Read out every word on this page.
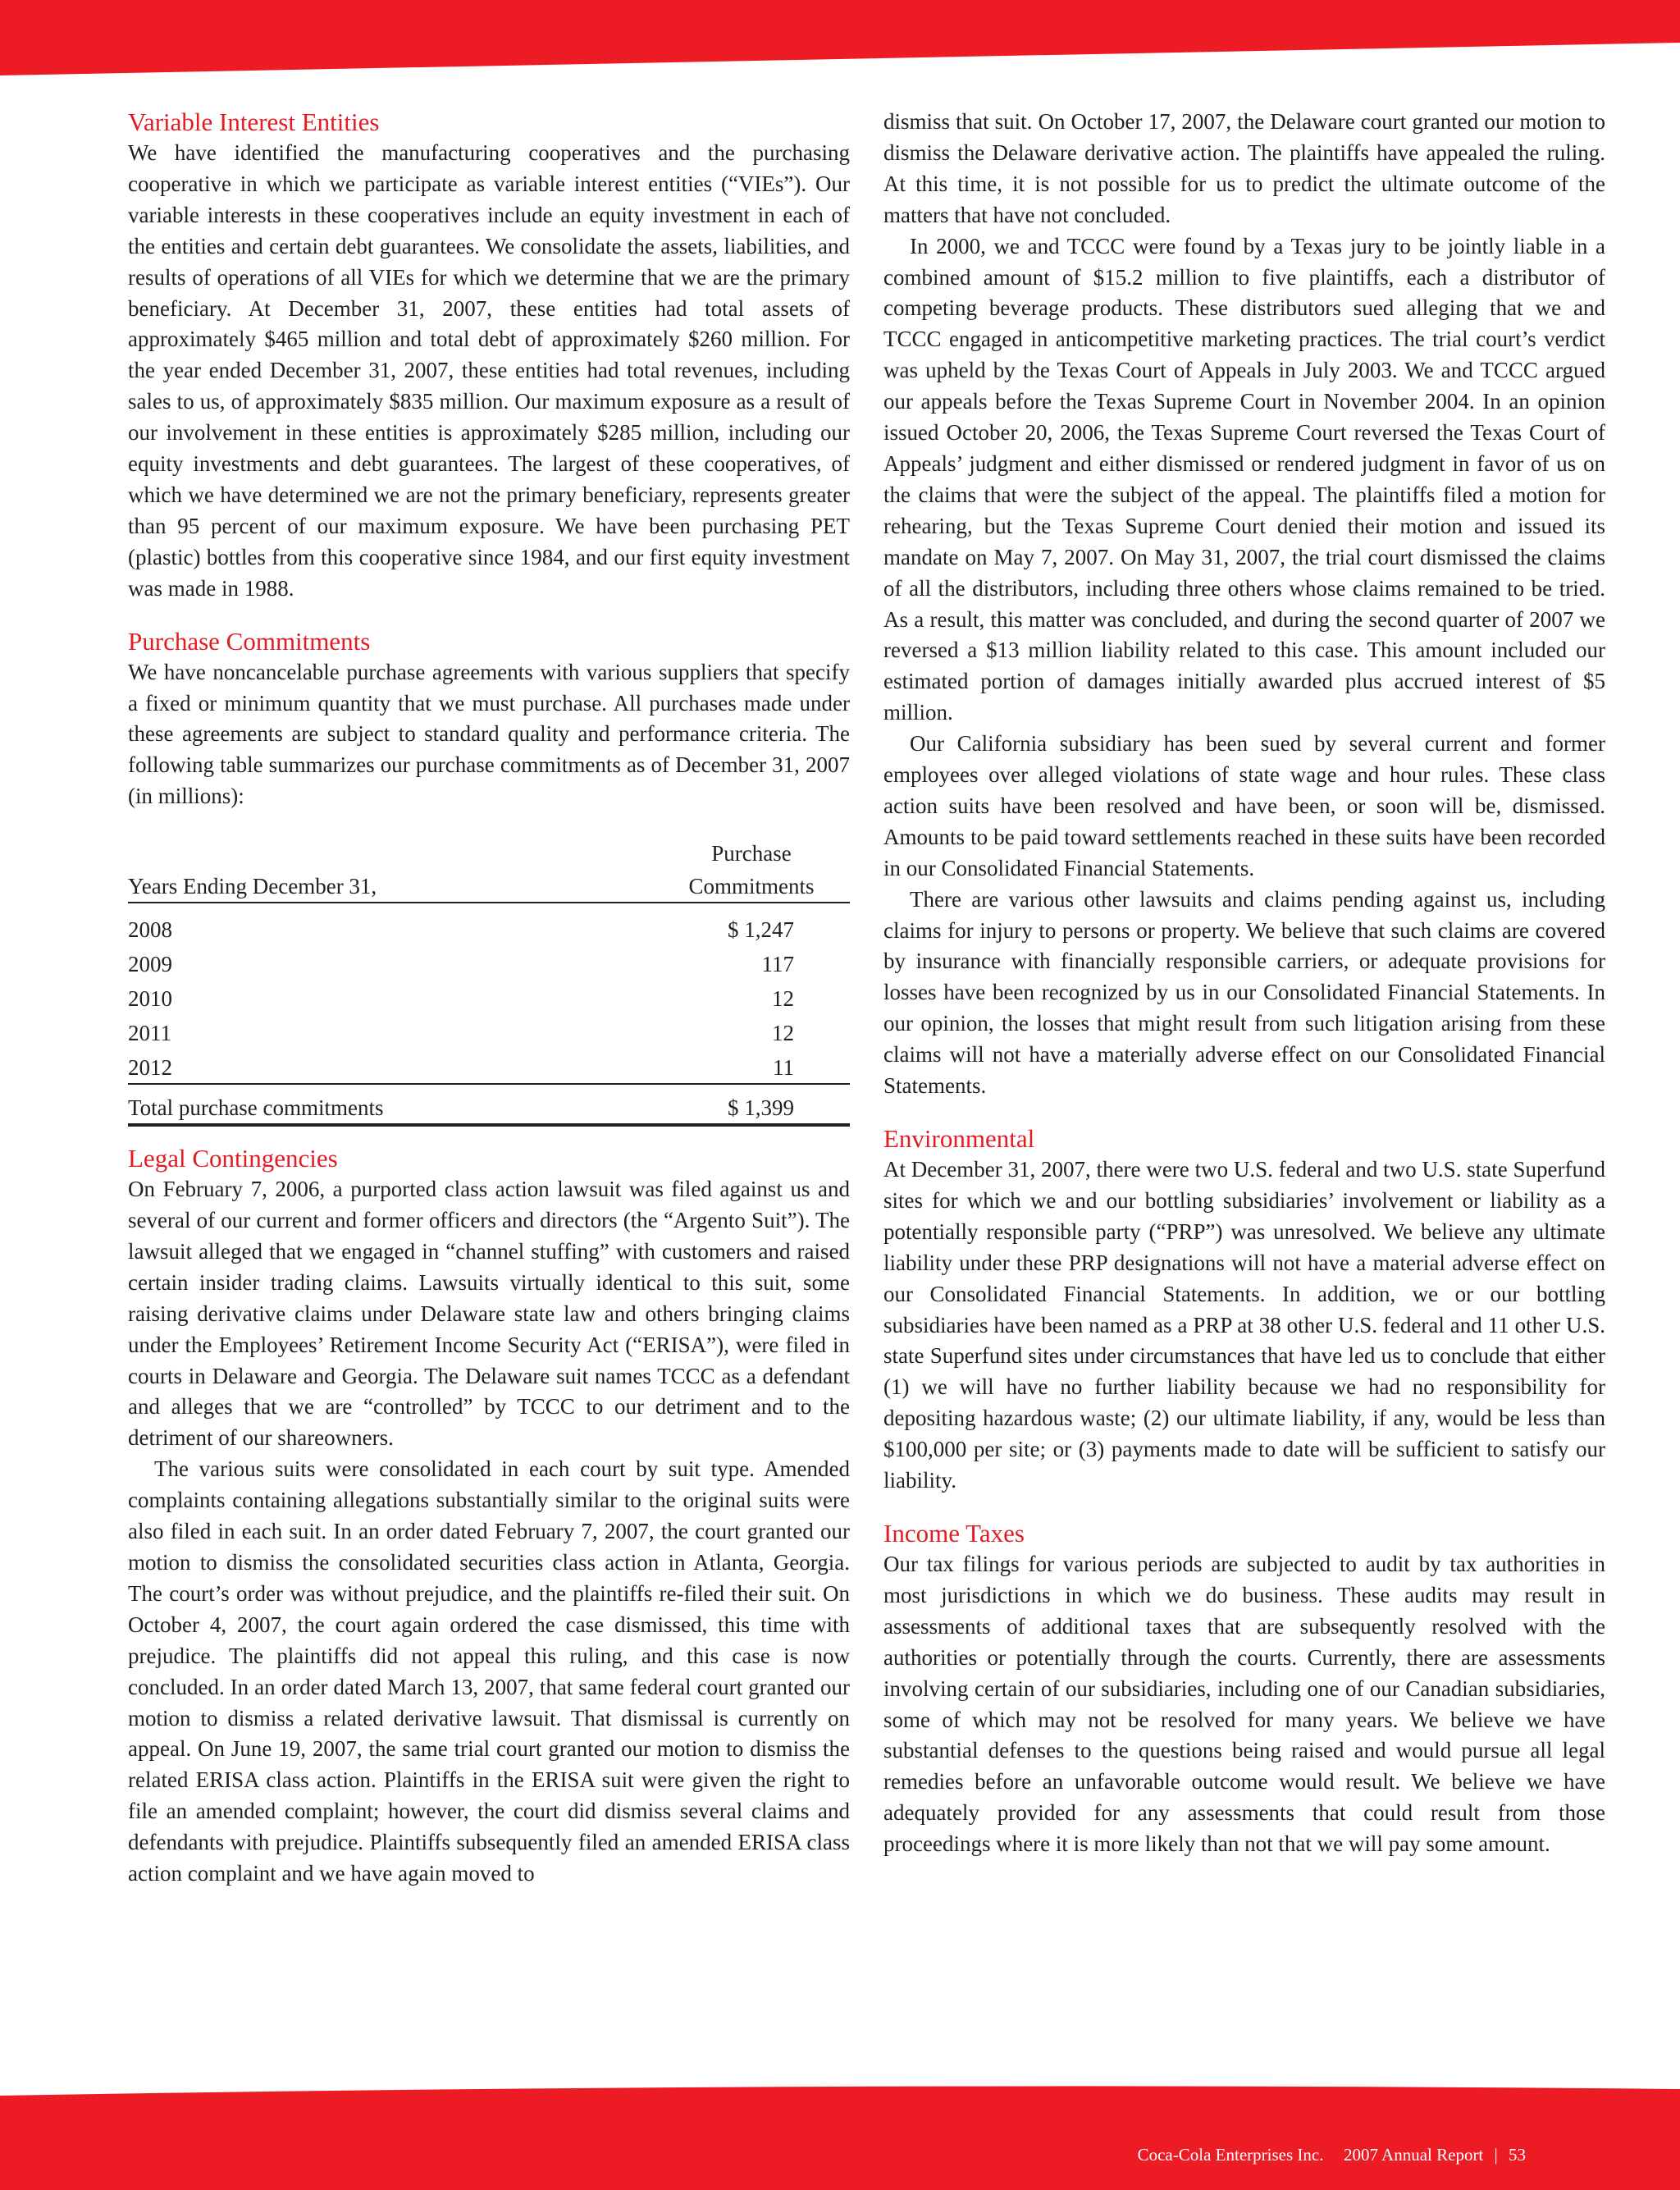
Variable Interest Entities

We have identified the manufacturing cooperatives and the purchasing cooperative in which we participate as variable interest entities (“VIEs”). Our variable interests in these cooperatives include an equity investment in each of the entities and certain debt guarantees. We consolidate the assets, liabilities, and results of operations of all VIEs for which we determine that we are the primary beneficiary. At December 31, 2007, these entities had total assets of approximately $465 million and total debt of approximately $260 million. For the year ended December 31, 2007, these entities had total revenues, including sales to us, of approximately $835 million. Our maximum exposure as a result of our involvement in these entities is approximately $285 million, including our equity investments and debt guarantees. The largest of these cooperatives, of which we have determined we are not the primary beneficiary, represents greater than 95 percent of our maximum exposure. We have been purchasing PET (plastic) bottles from this cooperative since 1984, and our first equity investment was made in 1988.

Purchase Commitments

We have noncancelable purchase agreements with various suppliers that specify a fixed or minimum quantity that we must purchase. All purchases made under these agreements are subject to standard quality and performance criteria. The following table summarizes our purchase commitments as of December 31, 2007 (in millions):

	Purchase
Years Ending December 31,	Commitments
2008	$ 1,247
2009	117
2010	12
2011	12
2012	11
Total purchase commitments	$ 1,399
Legal Contingencies

On February 7, 2006, a purported class action lawsuit was filed against us and several of our current and former officers and directors (the “Argento Suit”). The lawsuit alleged that we engaged in “channel stuffing” with customers and raised certain insider trading claims. Lawsuits virtually identical to this suit, some raising derivative claims under Delaware state law and others bringing claims under the Employees’ Retirement Income Security Act (“ERISA”), were filed in courts in Delaware and Georgia. The Delaware suit names TCCC as a defendant and alleges that we are “controlled” by TCCC to our detriment and to the detriment of our shareowners.

The various suits were consolidated in each court by suit type. Amended complaints containing allegations substantially similar to the original suits were also filed in each suit. In an order dated February 7, 2007, the court granted our motion to dismiss the consolidated securities class action in Atlanta, Georgia. The court’s order was without prejudice, and the plaintiffs re-filed their suit. On October 4, 2007, the court again ordered the case dismissed, this time with prejudice. The plaintiffs did not appeal this ruling, and this case is now concluded. In an order dated March 13, 2007, that same federal court granted our motion to dismiss a related derivative lawsuit. That dismissal is currently on appeal. On June 19, 2007, the same trial court granted our motion to dismiss the related ERISA class action. Plaintiffs in the ERISA suit were given the right to file an amended complaint; however, the court did dismiss several claims and defendants with prejudice. Plaintiffs subsequently filed an amended ERISA class action complaint and we have again moved to

dismiss that suit. On October 17, 2007, the Delaware court granted our motion to dismiss the Delaware derivative action. The plaintiffs have appealed the ruling. At this time, it is not possible for us to predict the ultimate outcome of the matters that have not concluded.

In 2000, we and TCCC were found by a Texas jury to be jointly liable in a combined amount of $15.2 million to five plaintiffs, each a distributor of competing beverage products. These distributors sued alleging that we and TCCC engaged in anticompetitive marketing practices. The trial court’s verdict was upheld by the Texas Court of Appeals in July 2003. We and TCCC argued our appeals before the Texas Supreme Court in November 2004. In an opinion issued October 20, 2006, the Texas Supreme Court reversed the Texas Court of Appeals’ judgment and either dismissed or rendered judgment in favor of us on the claims that were the subject of the appeal. The plaintiffs filed a motion for rehearing, but the Texas Supreme Court denied their motion and issued its mandate on May 7, 2007. On May 31, 2007, the trial court dismissed the claims of all the distributors, including three others whose claims remained to be tried. As a result, this matter was concluded, and during the second quarter of 2007 we reversed a $13 million liability related to this case. This amount included our estimated portion of damages initially awarded plus accrued interest of $5 million.

Our California subsidiary has been sued by several current and former employees over alleged violations of state wage and hour rules. These class action suits have been resolved and have been, or soon will be, dismissed. Amounts to be paid toward settlements reached in these suits have been recorded in our Consolidated Financial Statements.

There are various other lawsuits and claims pending against us, including claims for injury to persons or property. We believe that such claims are covered by insurance with financially responsible carriers, or adequate provisions for losses have been recognized by us in our Consolidated Financial Statements. In our opinion, the losses that might result from such litigation arising from these claims will not have a materially adverse effect on our Consolidated Financial Statements.

Environmental

At December 31, 2007, there were two U.S. federal and two U.S. state Superfund sites for which we and our bottling subsidiaries’ involvement or liability as a potentially responsible party (“PRP”) was unresolved. We believe any ultimate liability under these PRP designations will not have a material adverse effect on our Consolidated Financial Statements. In addition, we or our bottling subsidiaries have been named as a PRP at 38 other U.S. federal and 11 other U.S. state Superfund sites under circumstances that have led us to conclude that either (1) we will have no further liability because we had no responsibility for depositing hazardous waste; (2) our ultimate liability, if any, would be less than $100,000 per site; or (3) payments made to date will be sufficient to satisfy our liability.

Income Taxes

Our tax filings for various periods are subjected to audit by tax authorities in most jurisdictions in which we do business. These audits may result in assessments of additional taxes that are subsequently resolved with the authorities or potentially through the courts. Currently, there are assessments involving certain of our subsidiaries, including one of our Canadian subsidiaries, some of which may not be resolved for many years. We believe we have substantial defenses to the questions being raised and would pursue all legal remedies before an unfavorable outcome would result. We believe we have adequately provided for any assessments that could result from those proceedings where it is more likely than not that we will pay some amount.

Coca-Cola Enterprises Inc. 2007 Annual Report | 53
